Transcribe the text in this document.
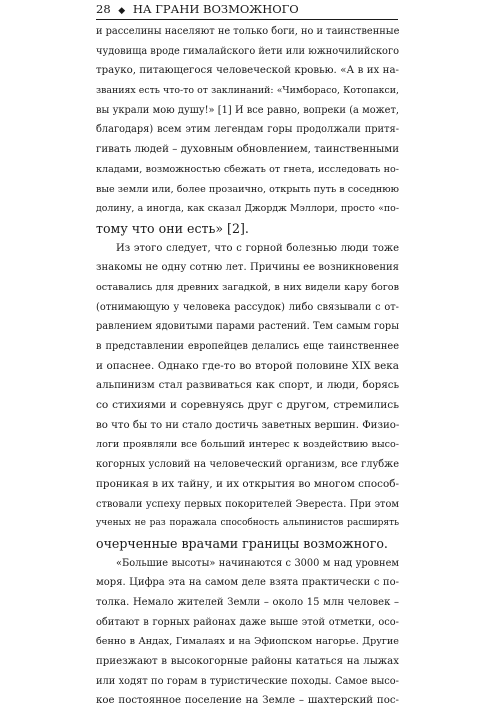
28 ◆ НА ГРАНИ ВОЗМОЖНОГО
и расселины населяют не только боги, но и таинственные
чудовища вроде гималайского йети или южночилийского
трауко, питающегося человеческой кровью. «А в их на-
званиях есть что-то от заклинаний: «Чимборасо, Котопакси,
вы украли мою душу!» [1] И все равно, вопреки (а может,
благодаря) всем этим легендам горы продолжали притя-
гивать людей – духовным обновлением, таинственными
кладами, возможностью сбежать от гнета, исследовать но-
вые земли или, более прозаично, открыть путь в соседнюю
долину, а иногда, как сказал Джордж Мэллори, просто «по-
тому что они есть» [2].
Из этого следует, что с горной болезнью люди тоже
знакомы не одну сотню лет. Причины ее возникновения
оставались для древних загадкой, в них видели кару богов
(отнимающую у человека рассудок) либо связывали с от-
равлением ядовитыми парами растений. Тем самым горы
в представлении европейцев делались еще таинственнее
и опаснее. Однако где-то во второй половине XIX века
альпинизм стал развиваться как спорт, и люди, борясь
со стихиями и соревнуясь друг с другом, стремились
во что бы то ни стало достичь заветных вершин. Физио-
логи проявляли все больший интерес к воздействию высо-
когорных условий на человеческий организм, все глубже
проникая в их тайну, и их открытия во многом способ-
ствовали успеху первых покорителей Эвереста. При этом
ученых не раз поражала способность альпинистов расширять
очерченные врачами границы возможного.
«Большие высоты» начинаются с 3000 м над уровнем
моря. Цифра эта на самом деле взята практически с по-
толка. Немало жителей Земли – около 15 млн человек –
обитают в горных районах даже выше этой отметки, осо-
бенно в Андах, Гималаях и на Эфиопском нагорье. Другие
приезжают в высокогорные районы кататься на лыжах
или ходят по горам в туристические походы. Самое высо-
кое постоянное поселение на Земле – шахтерский пос-
